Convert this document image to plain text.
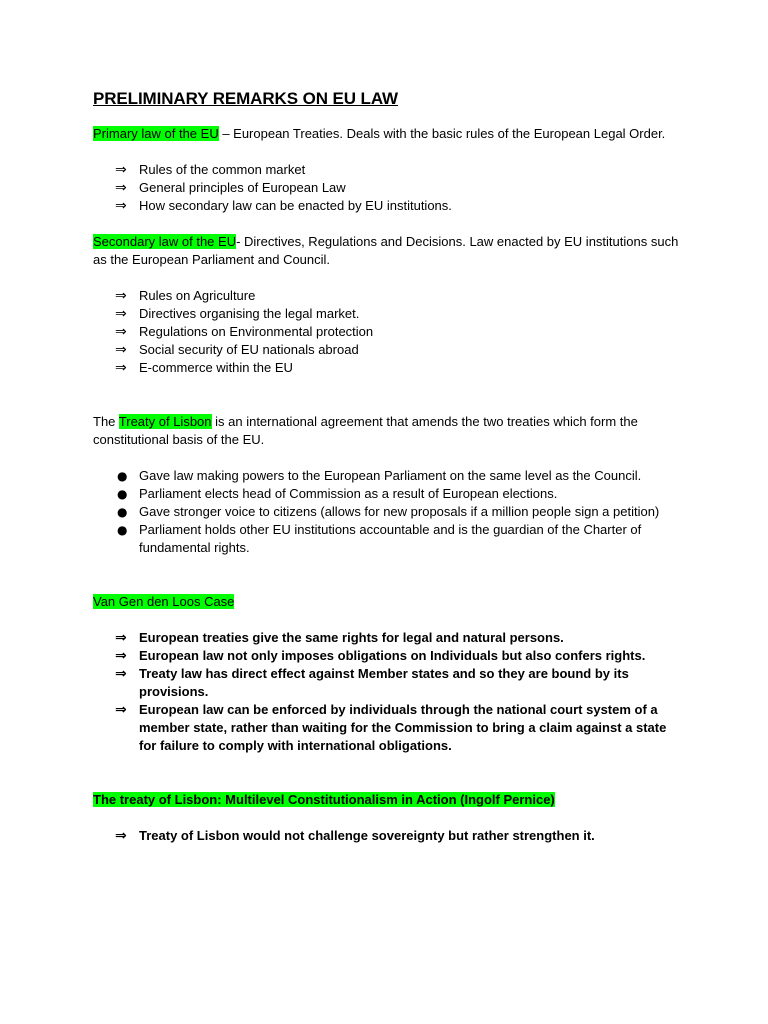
PRELIMINARY REMARKS ON EU LAW

Primary law of the EU – European Treaties. Deals with the basic rules of the European Legal Order.

⇒ Rules of the common market
⇒ General principles of European Law
⇒ How secondary law can be enacted by EU institutions.

Secondary law of the EU- Directives, Regulations and Decisions. Law enacted by EU institutions such as the European Parliament and Council.

⇒ Rules on Agriculture
⇒ Directives organising the legal market.
⇒ Regulations on Environmental protection
⇒ Social security of EU nationals abroad
⇒ E-commerce within the EU

The Treaty of Lisbon is an international agreement that amends the two treaties which form the constitutional basis of the EU.

● Gave law making powers to the European Parliament on the same level as the Council.
● Parliament elects head of Commission as a result of European elections.
● Gave stronger voice to citizens (allows for new proposals if a million people sign a petition)
● Parliament holds other EU institutions accountable and is the guardian of the Charter of fundamental rights.

Van Gen den Loos Case

⇒ European treaties give the same rights for legal and natural persons.
⇒ European law not only imposes obligations on Individuals but also confers rights.
⇒ Treaty law has direct effect against Member states and so they are bound by its provisions.
⇒ European law can be enforced by individuals through the national court system of a member state, rather than waiting for the Commission to bring a claim against a state for failure to comply with international obligations.

The treaty of Lisbon: Multilevel Constitutionalism in Action (Ingolf Pernice)

⇒ Treaty of Lisbon would not challenge sovereignty but rather strengthen it.
